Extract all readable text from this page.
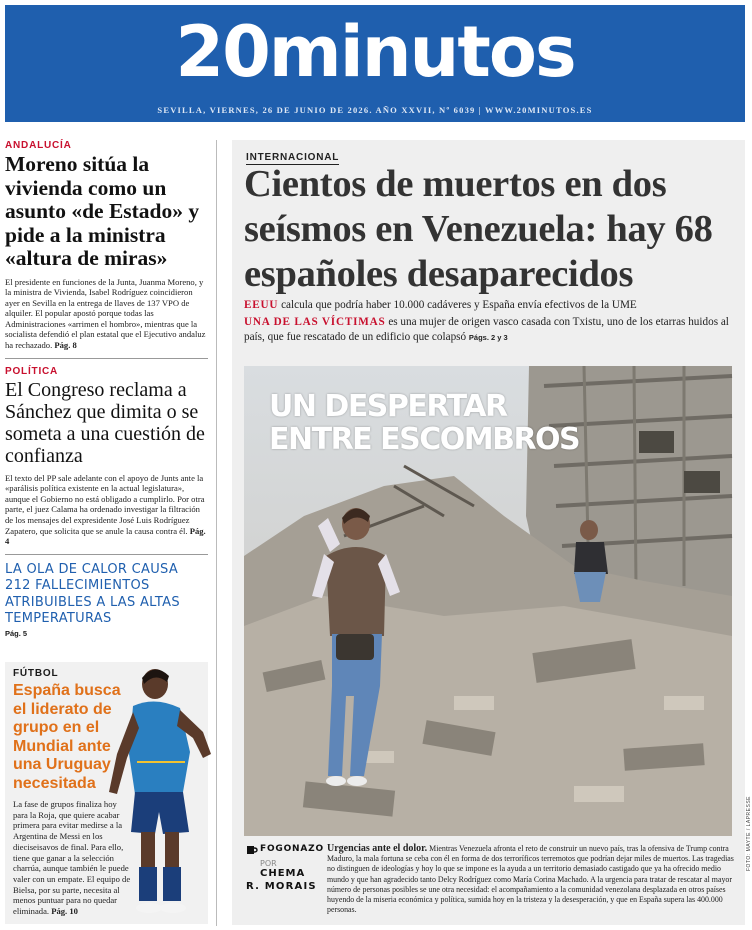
20minutos
SEVILLA, VIERNES, 26 DE JUNIO DE 2026. AÑO XXVII, Nº 6039 | WWW.20MINUTOS.ES
ANDALUCÍA
Moreno sitúa la vivienda como un asunto «de Estado» y pide a la ministra «altura de miras»
El presidente en funciones de la Junta, Juanma Moreno, y la ministra de Vivienda, Isabel Rodríguez coincidieron ayer en Sevilla en la entrega de llaves de 137 VPO de alquiler. El popular apostó porque todas las Administraciones «arrimen el hombro», mientras que la socialista defendió el plan estatal que el Ejecutivo andaluz ha rechazado. Pág. 8
POLÍTICA
El Congreso reclama a Sánchez que dimita o se someta a una cuestión de confianza
El texto del PP sale adelante con el apoyo de Junts ante la «parálisis política existente en la actual legislatura», aunque el Gobierno no está obligado a cumplirlo. Por otra parte, el juez Calama ha ordenado investigar la filtración de los mensajes del expresidente José Luis Rodríguez Zapatero, que solicita que se anule la causa contra él. Pág. 4
LA OLA DE CALOR CAUSA 212 FALLECIMIENTOS ATRIBUIBLES A LAS ALTAS TEMPERATURAS
Pág. 5
FÚTBOL
España busca el liderato de grupo en el Mundial ante una Uruguay necesitada
La fase de grupos finaliza hoy para la Roja, que quiere acabar primera para evitar medirse a la Argentina de Messi en los dieciseisavos de final. Para ello, tiene que ganar a la selección charrúa, aunque también le puede valer con un empate. El equipo de Bielsa, por su parte, necesita al menos puntuar para no quedar eliminada. Pág. 10
INTERNACIONAL
Cientos de muertos en dos seísmos en Venezuela: hay 68 españoles desaparecidos
EEUU calcula que podría haber 10.000 cadáveres y España envía efectivos de la UME
UNA DE LAS VÍCTIMAS es una mujer de origen vasco casada con Txistu, uno de los etarras huidos al país, que fue rescatado de un edificio que colapsó Págs. 2 y 3
UN DESPERTAR
ENTRE ESCOMBROS
FOTO: MAYTE / LAPRESSE
FOGONAZO
POR CHEMA
R. MORAIS
Urgencias ante el dolor. Mientras Venezuela afronta el reto de construir un nuevo país, tras la ofensiva de Trump contra Maduro, la mala fortuna se ceba con él en forma de dos terroríficos terremotos que podrían dejar miles de muertos. Las tragedias no distinguen de ideologías y hoy lo que se impone es la ayuda a un territorio demasiado castigado que ya ha ofrecido medio mundo y que han agradecido tanto Delcy Rodríguez como María Corina Machado. A la urgencia para tratar de rescatar al mayor número de personas posibles se une otra necesidad: el acompañamiento a la comunidad venezolana desplazada en otros países huyendo de la miseria económica y política, sumida hoy en la tristeza y la desesperación, y que en España supera las 400.000 personas.
